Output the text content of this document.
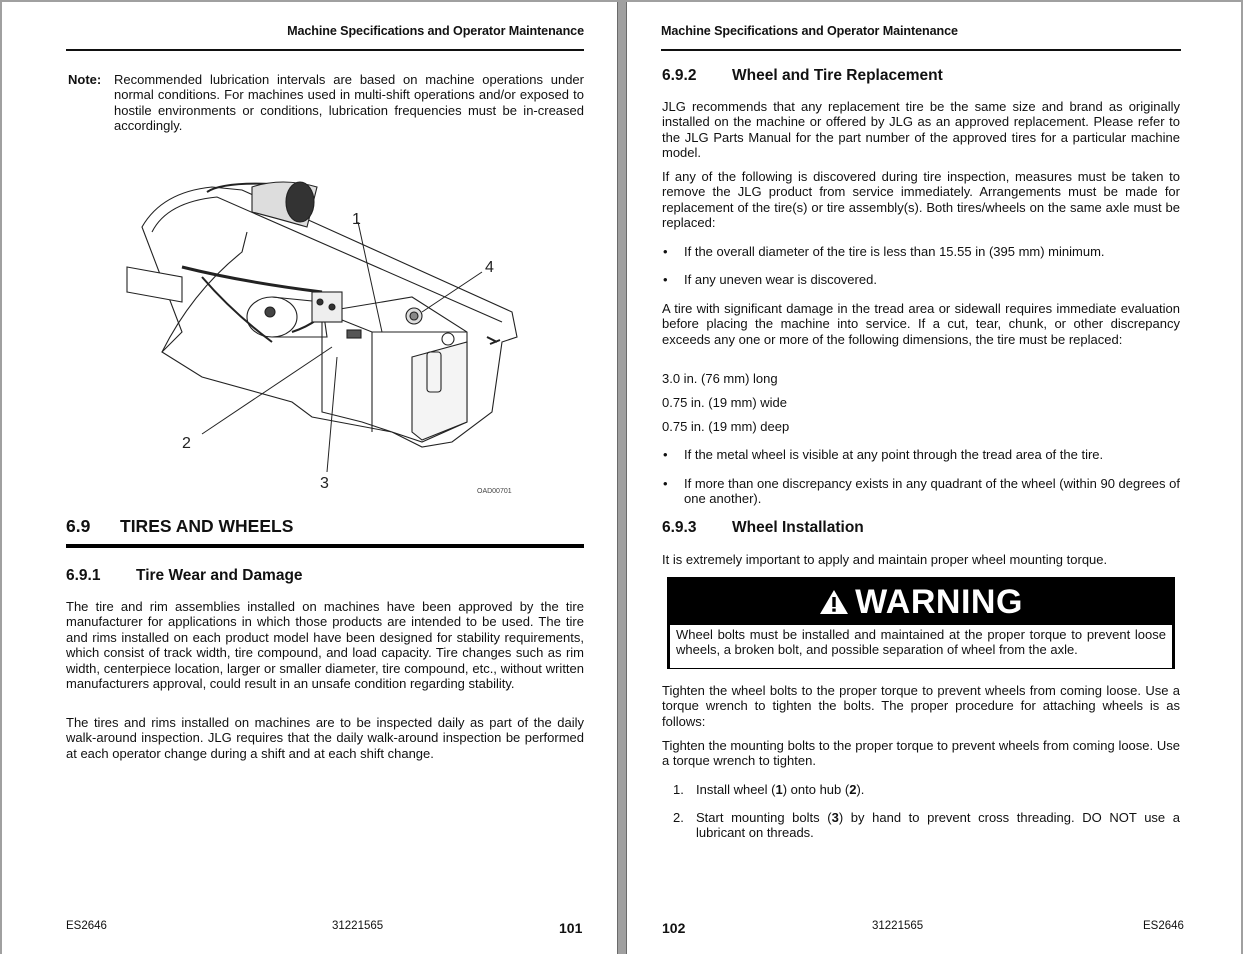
Machine Specifications and Operator Maintenance
Note: Recommended lubrication intervals are based on machine operations under normal conditions. For machines used in multi-shift operations and/or exposed to hostile environments or conditions, lubrication frequencies must be in-creased accordingly.
1
2
3
4
OAD00701
6.9 TIRES AND WHEELS
6.9.1 Tire Wear and Damage
The tire and rim assemblies installed on machines have been approved by the tire manufacturer for applications in which those products are intended to be used. The tire and rims installed on each product model have been designed for stability requirements, which consist of track width, tire compound, and load capacity. Tire changes such as rim width, centerpiece location, larger or smaller diameter, tire compound, etc., without written manufacturers approval, could result in an unsafe condition regarding stability.
The tires and rims installed on machines are to be inspected daily as part of the daily walk-around inspection. JLG requires that the daily walk-around inspection be performed at each operator change during a shift and at each shift change.
ES2646	31221565	101
Machine Specifications and Operator Maintenance
6.9.2 Wheel and Tire Replacement
JLG recommends that any replacement tire be the same size and brand as originally installed on the machine or offered by JLG as an approved replacement. Please refer to the JLG Parts Manual for the part number of the approved tires for a particular machine model.
If any of the following is discovered during tire inspection, measures must be taken to remove the JLG product from service immediately. Arrangements must be made for replacement of the tire(s) or tire assembly(s). Both tires/wheels on the same axle must be replaced:
• If the overall diameter of the tire is less than 15.55 in (395 mm) minimum.
• If any uneven wear is discovered.
A tire with significant damage in the tread area or sidewall requires immediate evaluation before placing the machine into service. If a cut, tear, chunk, or other discrepancy exceeds any one or more of the following dimensions, the tire must be replaced:
3.0 in. (76 mm) long
0.75 in. (19 mm) wide
0.75 in. (19 mm) deep
• If the metal wheel is visible at any point through the tread area of the tire.
• If more than one discrepancy exists in any quadrant of the wheel (within 90 degrees of one another).
6.9.3 Wheel Installation
It is extremely important to apply and maintain proper wheel mounting torque.
WARNING
Wheel bolts must be installed and maintained at the proper torque to prevent loose wheels, a broken bolt, and possible separation of wheel from the axle.
Tighten the wheel bolts to the proper torque to prevent wheels from coming loose. Use a torque wrench to tighten the bolts. The proper procedure for attaching wheels is as follows:
Tighten the mounting bolts to the proper torque to prevent wheels from coming loose. Use a torque wrench to tighten.
1. Install wheel (1) onto hub (2).
2. Start mounting bolts (3) by hand to prevent cross threading. DO NOT use a lubricant on threads.
102	31221565	ES2646
